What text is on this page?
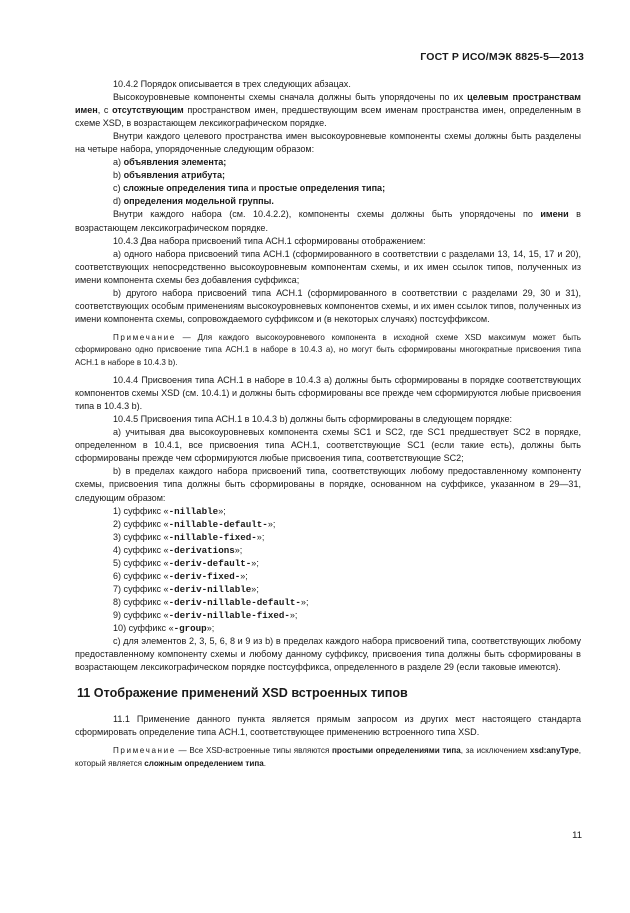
ГОСТ Р ИСО/МЭК 8825-5—2013

10.4.2 Порядок описывается в трех следующих абзацах.

Высокоуровневые компоненты схемы сначала должны быть упорядочены по их целевым пространствам имен, с отсутствующим пространством имен, предшествующим всем именам пространства имен, определенным в схеме XSD, в возрастающем лексикографическом порядке.

Внутри каждого целевого пространства имен высокоуровневые компоненты схемы должны быть разделены на четыре набора, упорядоченные следующим образом:

а) объявления элемента;

b) объявления атрибута;

c) сложные определения типа и простые определения типа;

d) определения модельной группы.

Внутри каждого набора (см. 10.4.2.2), компоненты схемы должны быть упорядочены по имени в возрастающем лексикографическом порядке.

10.4.3 Два набора присвоений типа АСН.1 сформированы отображением:

а) одного набора присвоений типа АСН.1 (сформированного в соответствии с разделами 13, 14, 15, 17 и 20), соответствующих непосредственно высокоуровневым компонентам схемы, и их имен ссылок типов, полученных из имени компонента схемы без добавления суффикса;

b) другого набора присвоений типа АСН.1 (сформированного в соответствии с разделами 29, 30 и 31), соответствующих особым применениям высокоуровневых компонентов схемы, и их имен ссылок типов, полученных из имени компонента схемы, сопровождаемого суффиксом и (в некоторых случаях) постсуффиксом.

Примечание — Для каждого высокоуровневого компонента в исходной схеме XSD максимум может быть сформировано одно присвоение типа АСН.1 в наборе в 10.4.3 а), но могут быть сформированы многократные присвоения типа АСН.1 в наборе в 10.4.3 b).

10.4.4 Присвоения типа АСН.1 в наборе в 10.4.3 а) должны быть сформированы в порядке соответствующих компонентов схемы XSD (см. 10.4.1) и должны быть сформированы все прежде чем сформируются любые присвоения типа в 10.4.3 b).

10.4.5 Присвоения типа АСН.1 в 10.4.3 b) должны быть сформированы в следующем порядке:

а) учитывая два высокоуровневых компонента схемы SC1 и SC2, где SC1 предшествует SC2 в порядке, определенном в 10.4.1, все присвоения типа АСН.1, соответствующие SC1 (если такие есть), должны быть сформированы прежде чем сформируются любые присвоения типа, соответствующие SC2;

b) в пределах каждого набора присвоений типа, соответствующих любому предоставленному компоненту схемы, присвоения типа должны быть сформированы в порядке, основанном на суффиксе, указанном в 29—31, следующим образом:

1) суффикс «-nillable»;

2) суффикс «-nillable-default-»;

3) суффикс «-nillable-fixed-»;

4) суффикс «-derivations»;

5) суффикс «-deriv-default-»;

6) суффикс «-deriv-fixed-»;

7) суффикс «-deriv-nillable»;

8) суффикс «-deriv-nillable-default-»;

9) суффикс «-deriv-nillable-fixed-»;

10) суффикс «-group»;

c) для элементов 2, 3, 5, 6, 8 и 9 из b) в пределах каждого набора присвоений типа, соответствующих любому предоставленному компоненту схемы и любому данному суффиксу, присвоения типа должны быть сформированы в возрастающем лексикографическом порядке постсуффикса, определенного в разделе 29 (если таковые имеются).

11 Отображение применений XSD встроенных типов

11.1 Применение данного пункта является прямым запросом из других мест настоящего стандарта сформировать определение типа АСН.1, соответствующее применению встроенного типа XSD.

Примечание — Все XSD-встроенные типы являются простыми определениями типа, за исключением xsd:anyType, который является сложным определением типа.

11
